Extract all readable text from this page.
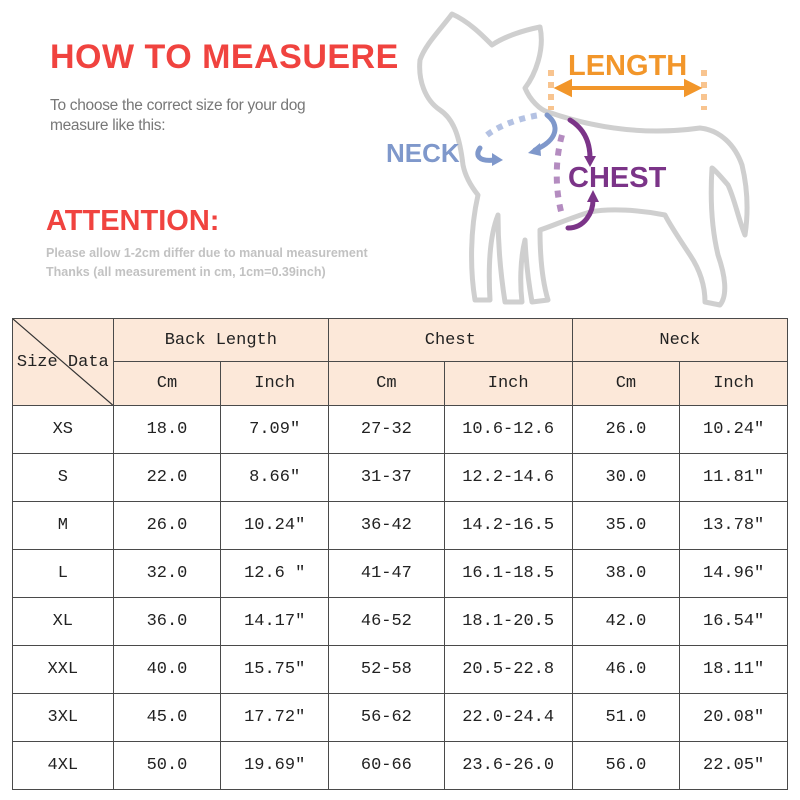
HOW TO MEASUERE
To choose the correct size for your dog
measure like this:
ATTENTION:
Please allow 1-2cm differ due to manual measurement
Thanks (all measurement in cm, 1cm=0.39inch)
LENGTH
NECK
CHEST
Size Data	Back Length		Chest		Neck	
	Cm	Inch	Cm	Inch	Cm	Inch
XS	18.0	7.09″	27-32	10.6-12.6	26.0	10.24″
S	22.0	8.66″	31-37	12.2-14.6	30.0	11.81″
M	26.0	10.24″	36-42	14.2-16.5	35.0	13.78″
L	32.0	12.6 ″	41-47	16.1-18.5	38.0	14.96″
XL	36.0	14.17″	46-52	18.1-20.5	42.0	16.54″
XXL	40.0	15.75″	52-58	20.5-22.8	46.0	18.11″
3XL	45.0	17.72″	56-62	22.0-24.4	51.0	20.08″
4XL	50.0	19.69″	60-66	23.6-26.0	56.0	22.05″
